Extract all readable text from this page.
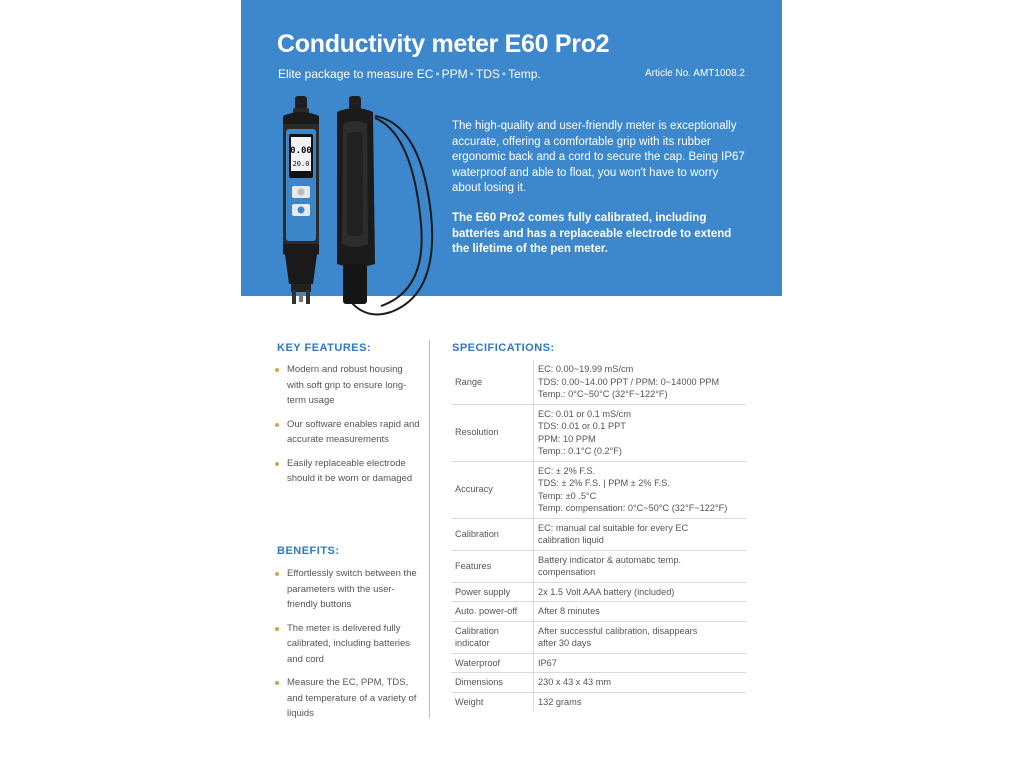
Conductivity meter E60 Pro2
Elite package to measure EC • PPM • TDS • Temp.	Article No. AMT1008.2

The high-quality and user-friendly meter is exceptionally accurate, offering a comfortable grip with its rubber ergonomic back and a cord to secure the cap. Being IP67 waterproof and able to float, you won't have to worry about losing it.

The E60 Pro2 comes fully calibrated, including batteries and has a replaceable electrode to extend the lifetime of the pen meter.

0.00
20.0
KEY FEATURES:
Modern and robust housing with soft grip to ensure long-term usage
Our software enables rapid and accurate measurements
Easily replaceable electrode should it be worn or damaged
BENEFITS:
Effortlessly switch between the parameters with the user-friendly buttons
The meter is delivered fully calibrated, including batteries and cord
Measure the EC, PPM, TDS, and temperature of a variety of liquids
SPECIFICATIONS:
Range	EC: 0.00~19.99 mS/cm
TDS: 0.00~14.00 PPT / PPM: 0~14000 PPM
Temp.: 0°C~50°C (32°F~122°F)

Resolution	EC: 0.01 or 0.1 mS/cm
TDS: 0.01 or 0.1 PPT
PPM: 10 PPM
Temp.: 0.1°C (0.2°F)

Accuracy	EC: ± 2% F.S.
TDS: ± 2% F.S. | PPM ± 2% F.S.
Temp: ±0 .5°C
Temp. compensation: 0°C~50°C (32°F~122°F)

Calibration	EC: manual cal suitable for every EC
calibration liquid

Features	Battery indicator & automatic temp.
compensation

Power supply	2x 1.5 Volt AAA battery (included)

Auto. power-off	After 8 minutes

Calibration indicator	After successful calibration, disappears
after 30 days

Waterproof	IP67

Dimensions	230 x 43 x 43 mm

Weight	132 grams
